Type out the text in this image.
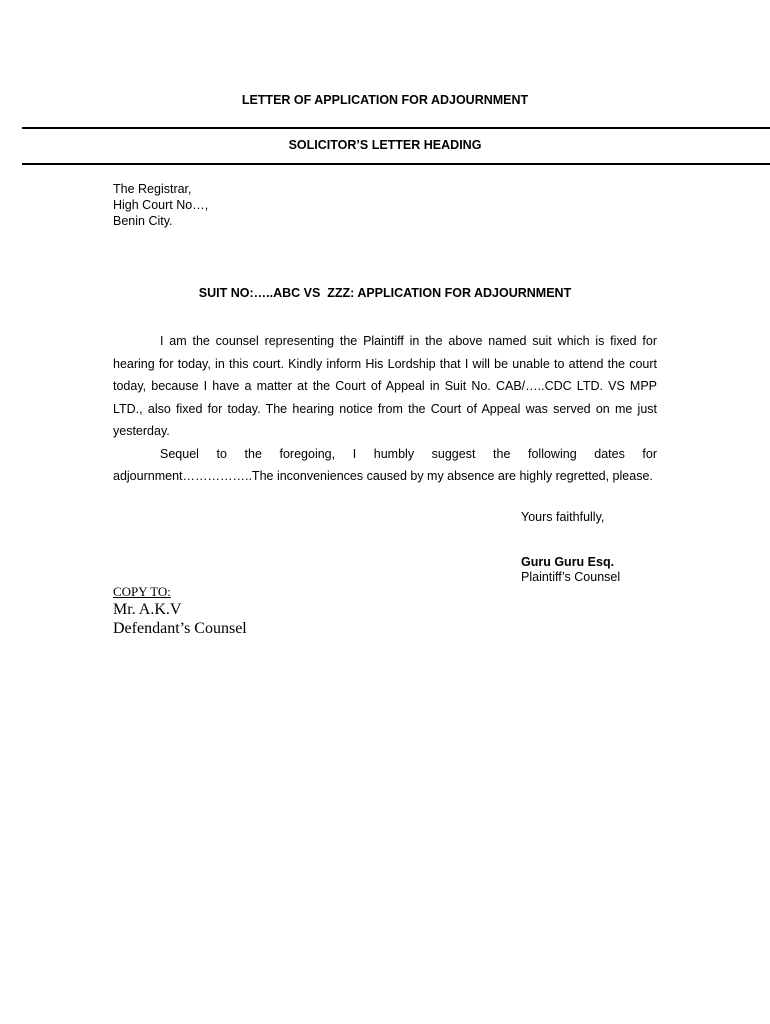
LETTER OF APPLICATION FOR ADJOURNMENT
SOLICITOR’S LETTER HEADING
The Registrar,
High Court No…,
Benin City.
SUIT NO:…..ABC VS  ZZZ: APPLICATION FOR ADJOURNMENT

I am the counsel representing the Plaintiff in the above named suit which is fixed for hearing for today, in this court. Kindly inform His Lordship that I will be unable to attend the court today, because I have a matter at the Court of Appeal in Suit No. CAB/…..CDC LTD. VS MPP LTD., also fixed for today. The hearing notice from the Court of Appeal was served on me just yesterday.

Sequel to the foregoing, I humbly suggest the following dates for adjournment……………..The inconveniences caused by my absence are highly regretted, please.

Yours faithfully,
Guru Guru Esq.
Plaintiff’s Counsel
COPY TO:
Mr. A.K.V
Defendant’s Counsel
